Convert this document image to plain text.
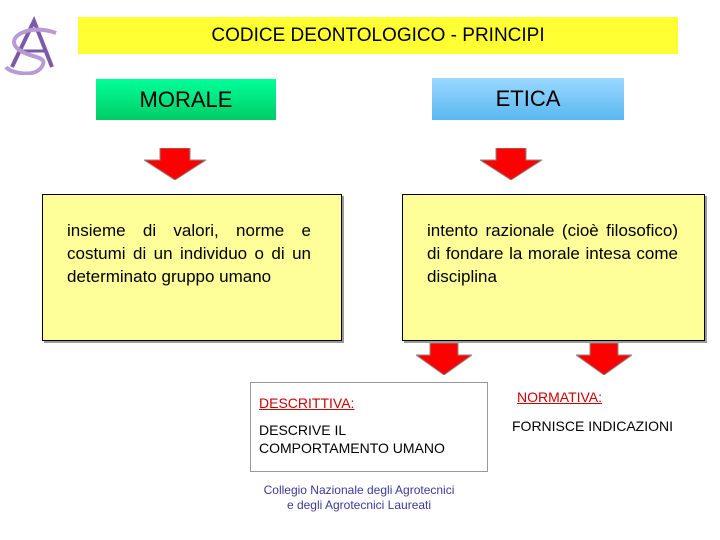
CODICE DEONTOLOGICO - PRINCIPI
MORALE	ETICA
insieme di valori, norme e costumi di un individuo o di un determinato gruppo umano
intento razionale (cioè filosofico) di fondare la morale intesa come disciplina
DESCRITTIVA:
DESCRIVE IL COMPORTAMENTO UMANO
NORMATIVA:
FORNISCE INDICAZIONI
Collegio Nazionale degli Agrotecnici
e degli Agrotecnici Laureati
